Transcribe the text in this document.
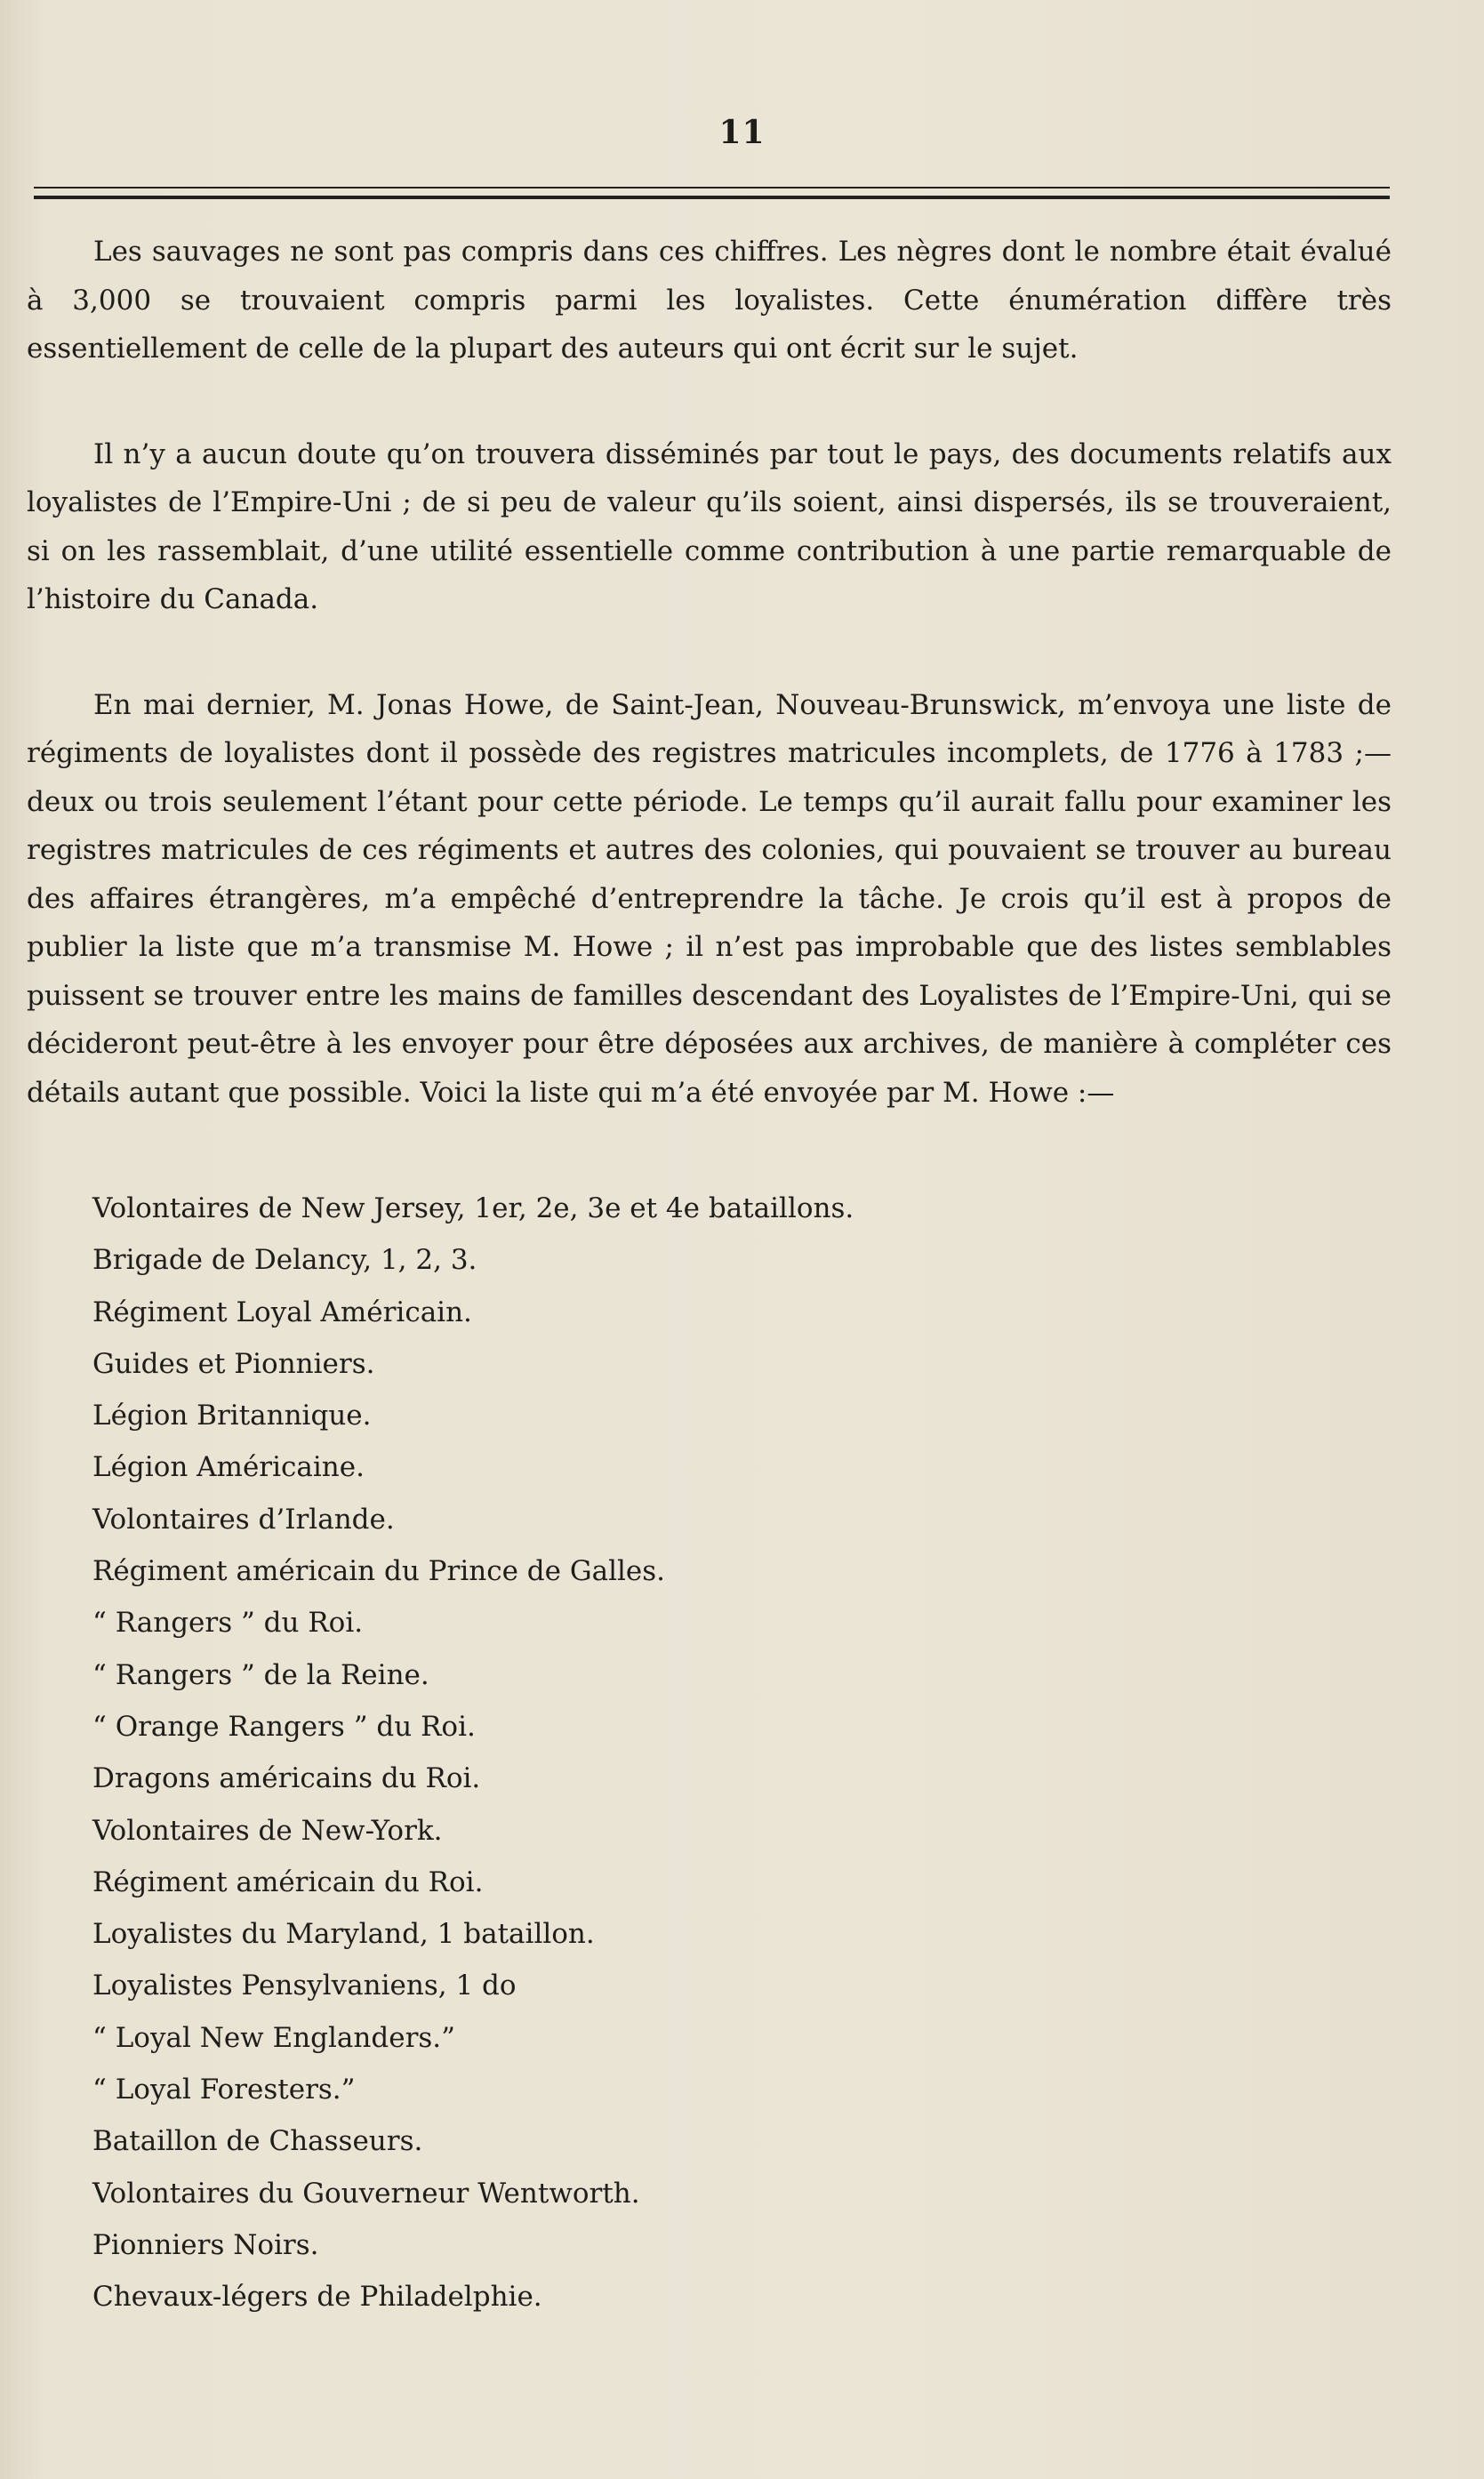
11

Les sauvages ne sont pas compris dans ces chiffres. Les nègres dont le nombre était évalué à 3,000 se trouvaient compris parmi les loyalistes. Cette énumération diffère très essentiellement de celle de la plupart des auteurs qui ont écrit sur le sujet.

Il n’y a aucun doute qu’on trouvera disséminés par tout le pays, des documents relatifs aux loyalistes de l’Empire-Uni ; de si peu de valeur qu’ils soient, ainsi dispersés, ils se trouveraient, si on les rassemblait, d’une utilité essentielle comme contribution à une partie remarquable de l’histoire du Canada.

En mai dernier, M. Jonas Howe, de Saint-Jean, Nouveau-Brunswick, m’envoya une liste de régiments de loyalistes dont il possède des registres matricules incomplets, de 1776 à 1783 ;—deux ou trois seulement l’étant pour cette période. Le temps qu’il aurait fallu pour examiner les registres matricules de ces régiments et autres des colonies, qui pouvaient se trouver au bureau des affaires étrangères, m’a empêché d’entreprendre la tâche. Je crois qu’il est à propos de publier la liste que m’a transmise M. Howe ; il n’est pas improbable que des listes semblables puissent se trouver entre les mains de familles descendant des Loyalistes de l’Empire-Uni, qui se décideront peut-être à les envoyer pour être déposées aux archives, de manière à compléter ces détails autant que possible. Voici la liste qui m’a été envoyée par M. Howe :—

Volontaires de New Jersey, 1er, 2e, 3e et 4e bataillons.
Brigade de Delancy, 1, 2, 3.
Régiment Loyal Américain.
Guides et Pionniers.
Légion Britannique.
Légion Américaine.
Volontaires d’Irlande.
Régiment américain du Prince de Galles.
“ Rangers ” du Roi.
“ Rangers ” de la Reine.
“ Orange Rangers ” du Roi.
Dragons américains du Roi.
Volontaires de New-York.
Régiment américain du Roi.
Loyalistes du Maryland, 1 bataillon.
Loyalistes Pensylvaniens, 1 do
“ Loyal New Englanders.”
“ Loyal Foresters.”
Bataillon de Chasseurs.
Volontaires du Gouverneur Wentworth.
Pionniers Noirs.
Chevaux-légers de Philadelphie.
